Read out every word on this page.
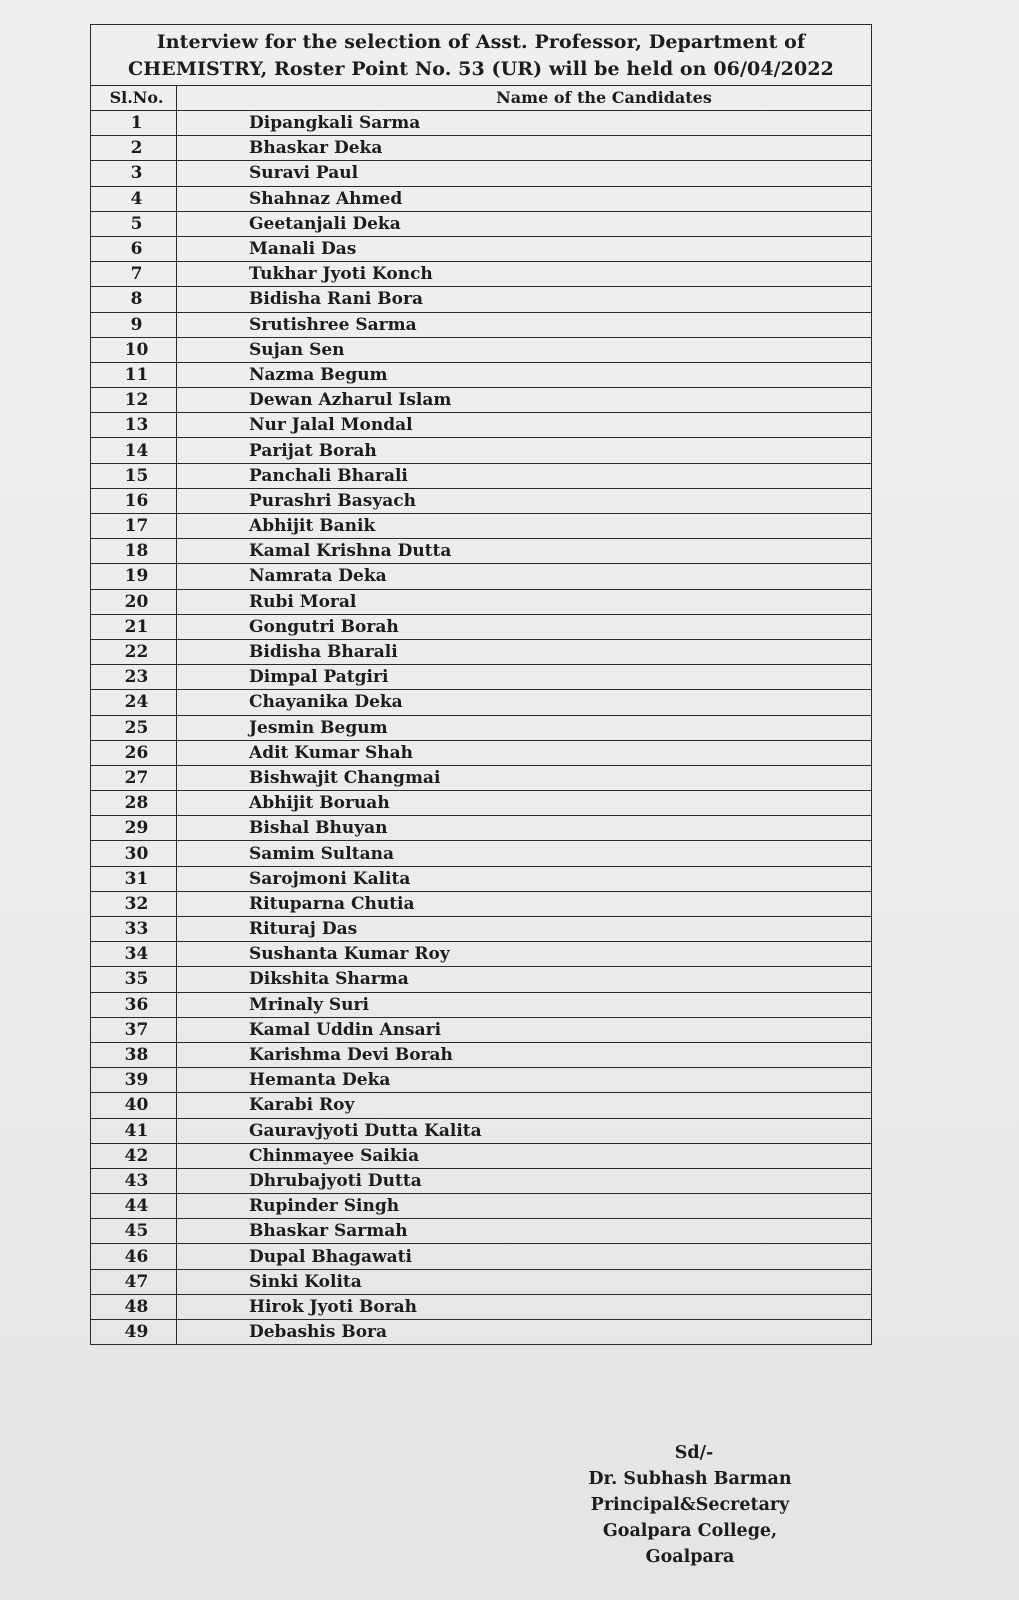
Interview for the selection of Asst. Professor, Department of
CHEMISTRY, Roster Point No. 53 (UR) will be held on 06/04/2022
Sl.No.	Name of the Candidates
1	Dipangkali Sarma
2	Bhaskar Deka
3	Suravi Paul
4	Shahnaz Ahmed
5	Geetanjali Deka
6	Manali Das
7	Tukhar Jyoti Konch
8	Bidisha Rani Bora
9	Srutishree Sarma
10	Sujan Sen
11	Nazma Begum
12	Dewan Azharul Islam
13	Nur Jalal Mondal
14	Parijat Borah
15	Panchali Bharali
16	Purashri Basyach
17	Abhijit Banik
18	Kamal Krishna Dutta
19	Namrata Deka
20	Rubi Moral
21	Gongutri Borah
22	Bidisha Bharali
23	Dimpal Patgiri
24	Chayanika Deka
25	Jesmin Begum
26	Adit Kumar Shah
27	Bishwajit Changmai
28	Abhijit Boruah
29	Bishal Bhuyan
30	Samim Sultana
31	Sarojmoni Kalita
32	Rituparna Chutia
33	Rituraj Das
34	Sushanta Kumar Roy
35	Dikshita Sharma
36	Mrinaly Suri
37	Kamal Uddin Ansari
38	Karishma Devi Borah
39	Hemanta Deka
40	Karabi Roy
41	Gauravjyoti Dutta Kalita
42	Chinmayee Saikia
43	Dhrubajyoti Dutta
44	Rupinder Singh
45	Bhaskar Sarmah
46	Dupal Bhagawati
47	Sinki Kolita
48	Hirok Jyoti Borah
49	Debashis Bora
Sd/-
Dr. Subhash Barman
Principal&Secretary
Goalpara College, Goalpara
